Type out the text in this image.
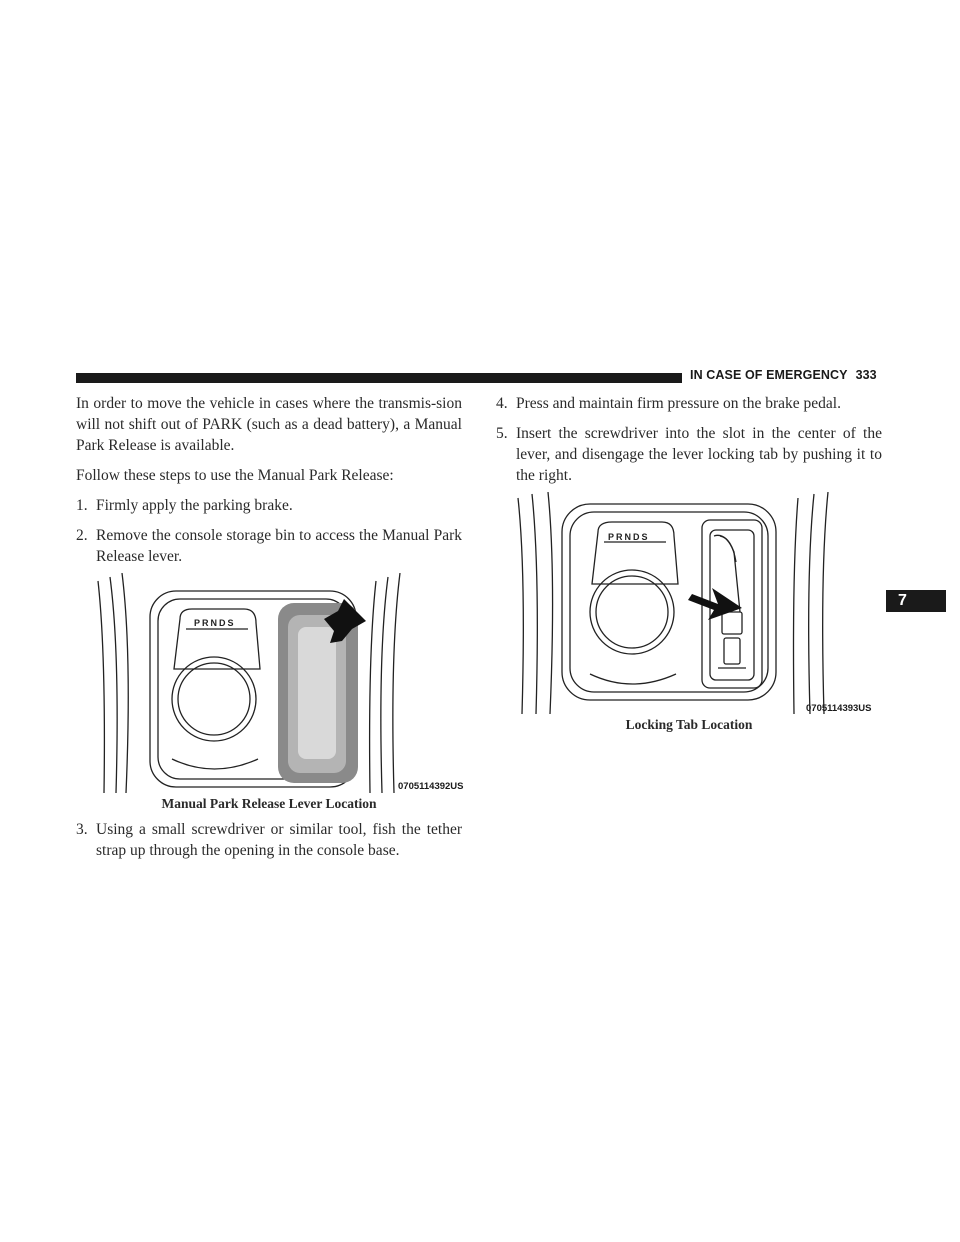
IN CASE OF EMERGENCY 333
7

In order to move the vehicle in cases where the transmis-sion will not shift out of PARK (such as a dead battery), a Manual Park Release is available.

Follow these steps to use the Manual Park Release:

1. Firmly apply the parking brake.
2. Remove the console storage bin to access the Manual Park Release lever.
PRNDS
0705114392US
Manual Park Release Lever Location
3. Using a small screwdriver or similar tool, fish the tether strap up through the opening in the console base.
4. Press and maintain firm pressure on the brake pedal.
5. Insert the screwdriver into the slot in the center of the lever, and disengage the lever locking tab by pushing it to the right.
PRNDS
0705114393US
Locking Tab Location
